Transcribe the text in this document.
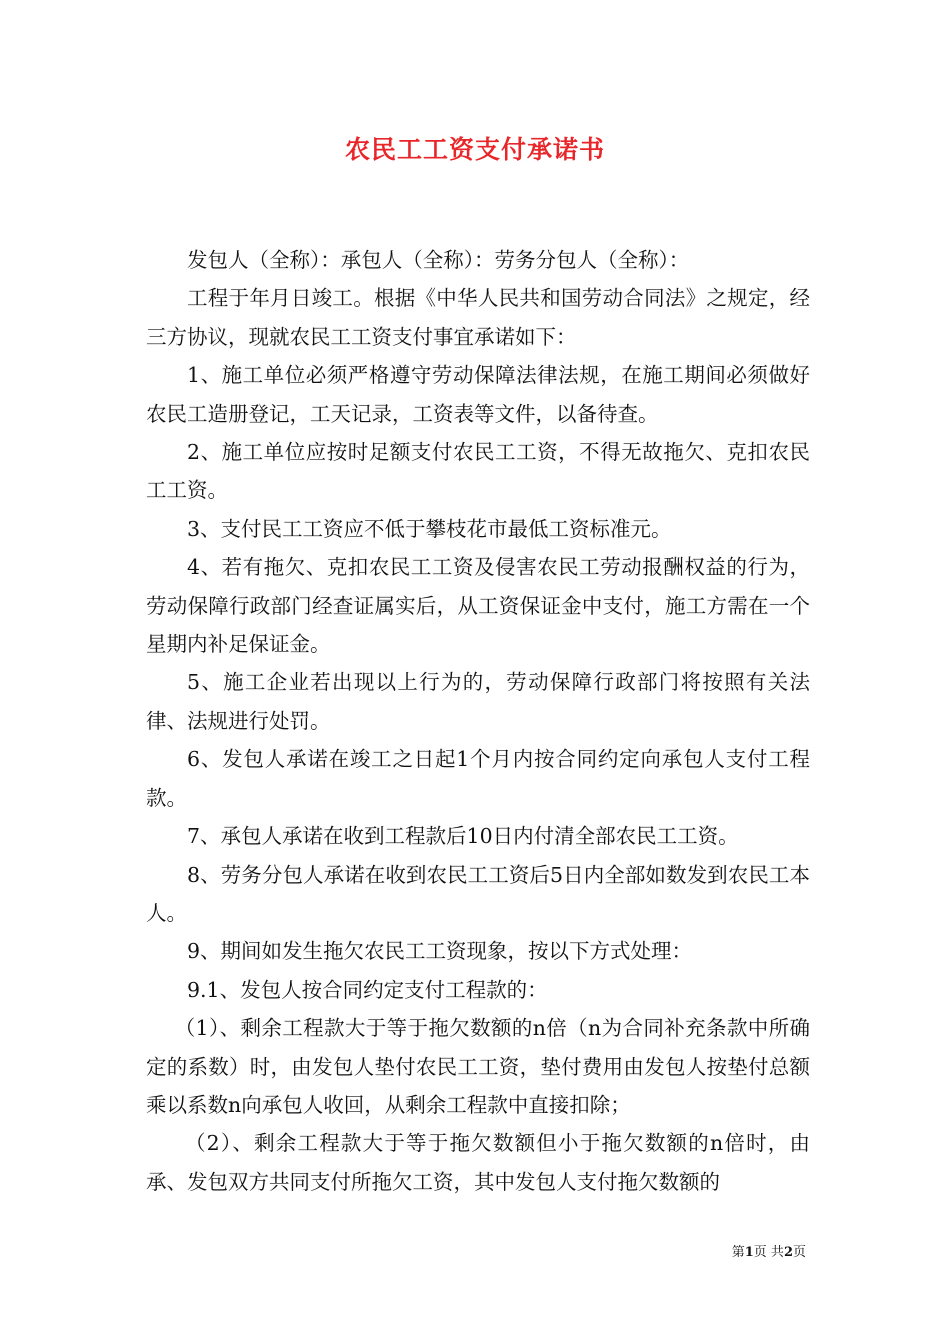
农民工工资支付承诺书

发包人（全称）：承包人（全称）：劳务分包人（全称）：

工程于年月日竣工。根据《中华人民共和国劳动合同法》之规定，经三方协议，现就农民工工资支付事宜承诺如下：

1、施工单位必须严格遵守劳动保障法律法规，在施工期间必须做好农民工造册登记，工天记录，工资表等文件，以备待查。

2、施工单位应按时足额支付农民工工资，不得无故拖欠、克扣农民工工资。

3、支付民工工资应不低于攀枝花市最低工资标准元。

4、若有拖欠、克扣农民工工资及侵害农民工劳动报酬权益的行为，劳动保障行政部门经查证属实后，从工资保证金中支付，施工方需在一个星期内补足保证金。

5、施工企业若出现以上行为的，劳动保障行政部门将按照有关法律、法规进行处罚。

6、发包人承诺在竣工之日起1个月内按合同约定向承包人支付工程款。

7、承包人承诺在收到工程款后10日内付清全部农民工工资。

8、劳务分包人承诺在收到农民工工资后5日内全部如数发到农民工本人。

9、期间如发生拖欠农民工工资现象，按以下方式处理：

9.1、发包人按合同约定支付工程款的：

（1）、剩余工程款大于等于拖欠数额的n倍（n为合同补充条款中所确定的系数）时，由发包人垫付农民工工资，垫付费用由发包人按垫付总额乘以系数n向承包人收回，从剩余工程款中直接扣除；

（2）、剩余工程款大于等于拖欠数额但小于拖欠数额的n倍时，由承、发包双方共同支付所拖欠工资，其中发包人支付拖欠数额的

第1页 共2页
